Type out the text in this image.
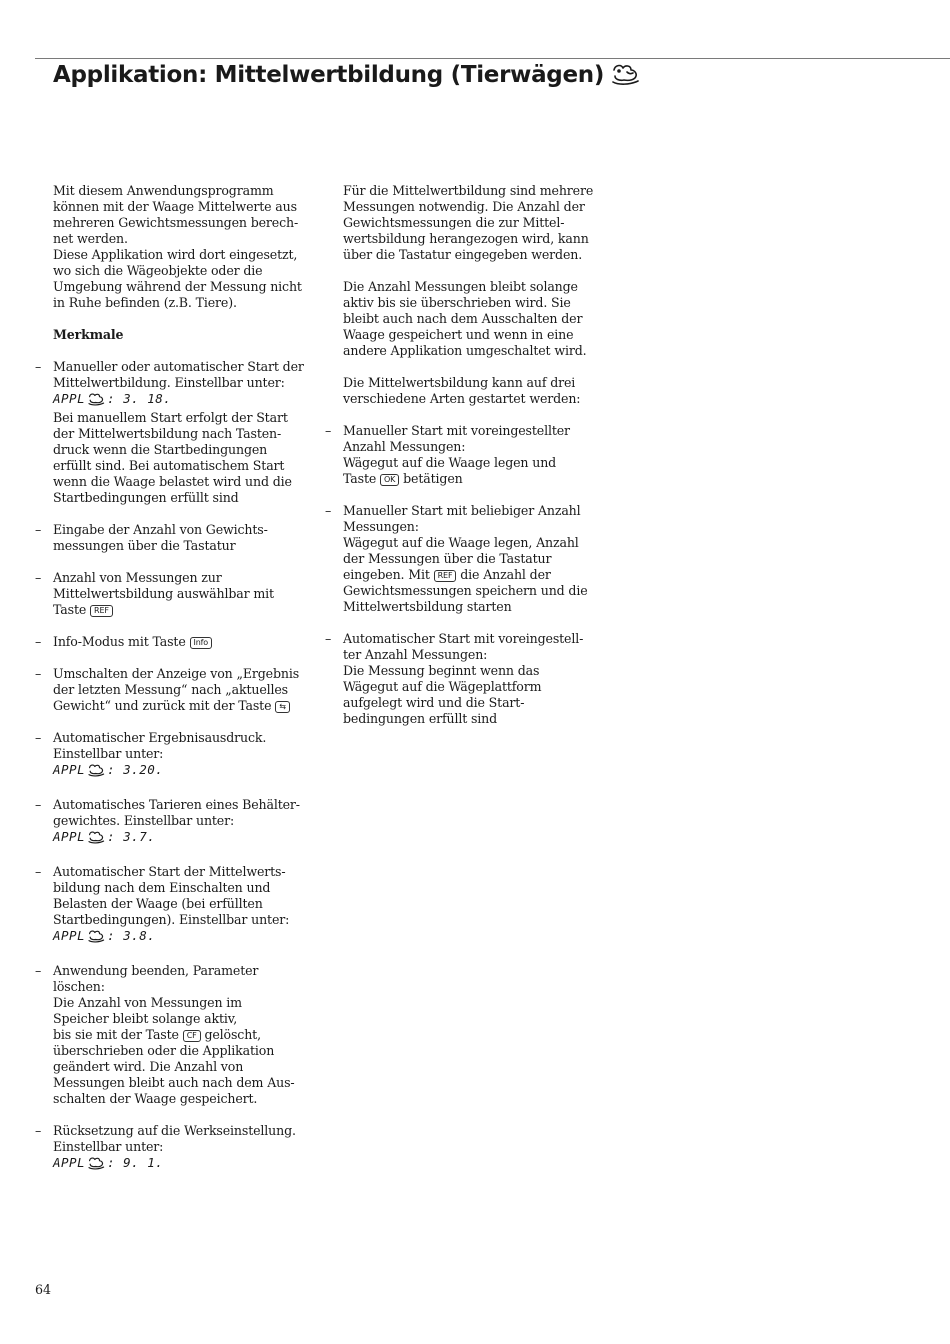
Applikation: Mittelwertbildung (Tierwägen)

Mit diesem Anwendungsprogramm
können mit der Waage Mittelwerte aus
mehreren Gewichtsmessungen berech-
net werden.
Diese Applikation wird dort eingesetzt,
wo sich die Wägeobjekte oder die
Umgebung während der Messung nicht
in Ruhe befinden (z.B. Tiere).

Merkmale
– Manueller oder automatischer Start der
Mittelwertbildung. Einstellbar unter:
APPL : 3. 18.
Bei manuellem Start erfolgt der Start
der Mittelwertsbildung nach Tasten-
druck wenn die Startbedingungen
erfüllt sind. Bei automatischem Start
wenn die Waage belastet wird und die
Startbedingungen erfüllt sind
– Eingabe der Anzahl von Gewichts-
messungen über die Tastatur
– Anzahl von Messungen zur
Mittelwertsbildung auswählbar mit
Taste REF
– Info-Modus mit Taste Info
– Umschalten der Anzeige von „Ergebnis
der letzten Messung“ nach „aktuelles
Gewicht“ und zurück mit der Taste ⇆
– Automatischer Ergebnisausdruck.
Einstellbar unter:
APPL : 3.20.
– Automatisches Tarieren eines Behälter-
gewichtes. Einstellbar unter:
APPL : 3.7.
– Automatischer Start der Mittelwerts-
bildung nach dem Einschalten und
Belasten der Waage (bei erfüllten
Startbedingungen). Einstellbar unter:
APPL : 3.8.
– Anwendung beenden, Parameter
löschen:
Die Anzahl von Messungen im
Speicher bleibt solange aktiv,
bis sie mit der Taste CF gelöscht,
überschrieben oder die Applikation
geändert wird. Die Anzahl von
Messungen bleibt auch nach dem Aus-
schalten der Waage gespeichert.
– Rücksetzung auf die Werkseinstellung.
Einstellbar unter:
APPL : 9. 1.

Für die Mittelwertbildung sind mehrere
Messungen notwendig. Die Anzahl der
Gewichtsmessungen die zur Mittel-
wertsbildung herangezogen wird, kann
über die Tastatur eingegeben werden.

Die Anzahl Messungen bleibt solange
aktiv bis sie überschrieben wird. Sie
bleibt auch nach dem Ausschalten der
Waage gespeichert und wenn in eine
andere Applikation umgeschaltet wird.

Die Mittelwertsbildung kann auf drei
verschiedene Arten gestartet werden:

– Manueller Start mit voreingestellter
Anzahl Messungen:
Wägegut auf die Waage legen und
Taste OK betätigen
– Manueller Start mit beliebiger Anzahl
Messungen:
Wägegut auf die Waage legen, Anzahl
der Messungen über die Tastatur
eingeben. Mit REF die Anzahl der
Gewichtsmessungen speichern und die
Mittelwertsbildung starten
– Automatischer Start mit voreingestell-
ter Anzahl Messungen:
Die Messung beginnt wenn das
Wägegut auf die Wägeplattform
aufgelegt wird und die Start-
bedingungen erfüllt sind
64
